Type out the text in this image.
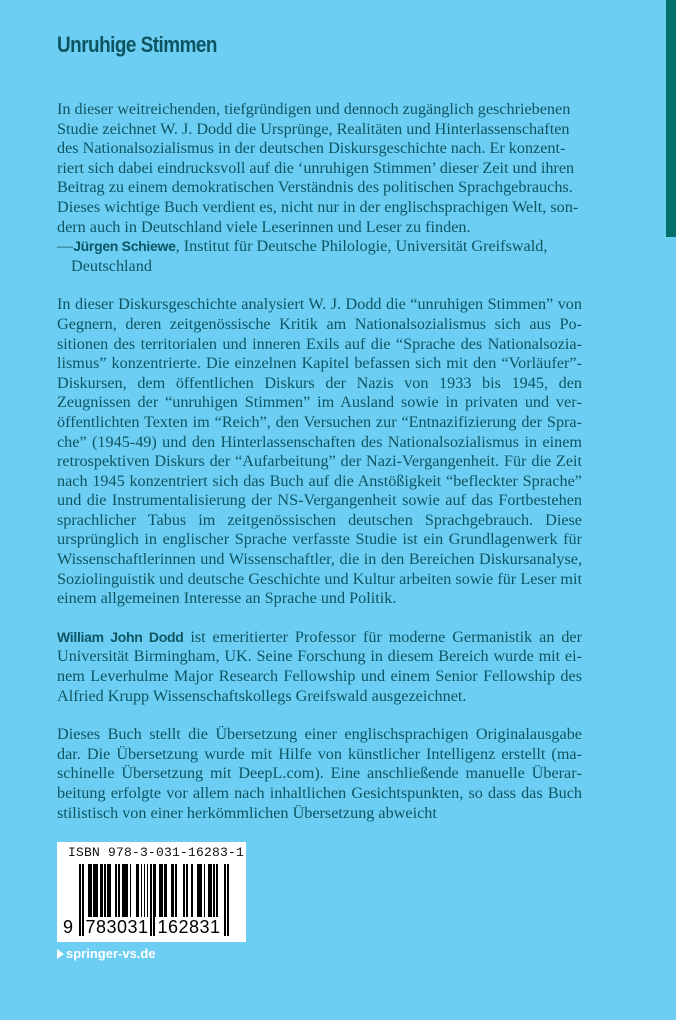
Unruhige Stimmen

In dieser weitreichenden, tiefgründigen und dennoch zugänglich geschriebenen Studie zeichnet W. J. Dodd die Ursprünge, Realitäten und Hinterlassenschaften des Nationalsozialismus in der deutschen Diskursgeschichte nach. Er konzentriert sich dabei eindrucksvoll auf die ‘unruhigen Stimmen’ dieser Zeit und ihren Beitrag zu einem demokratischen Verständnis des politischen Sprachgebrauchs. Dieses wichtige Buch verdient es, nicht nur in der englischsprachigen Welt, sondern auch in Deutschland viele Leserinnen und Leser zu finden.

—Jürgen Schiewe, Institut für Deutsche Philologie, Universität Greifswald, Deutschland

In dieser Diskursgeschichte analysiert W. J. Dodd die “unruhigen Stimmen” von Gegnern, deren zeitgenössische Kritik am Nationalsozialismus sich aus Positionen des territorialen und inneren Exils auf die “Sprache des Nationalsozialismus” konzentrierte. Die einzelnen Kapitel befassen sich mit den “Vorläufer”-Diskursen, dem öffentlichen Diskurs der Nazis von 1933 bis 1945, den Zeugnissen der “unruhigen Stimmen” im Ausland sowie in privaten und veröffentlichten Texten im “Reich”, den Versuchen zur “Entnazifizierung der Sprache” (1945-49) und den Hinterlassenschaften des Nationalsozialismus in einem retrospektiven Diskurs der “Aufarbeitung” der Nazi-Vergangenheit. Für die Zeit nach 1945 konzentriert sich das Buch auf die Anstößigkeit “befleckter Sprache” und die Instrumentalisierung der NS-Vergangenheit sowie auf das Fortbestehen sprachlicher Tabus im zeitgenössischen deutschen Sprachgebrauch. Diese ursprünglich in englischer Sprache verfasste Studie ist ein Grundlagenwerk für Wissenschaftlerinnen und Wissenschaftler, die in den Bereichen Diskursanalyse, Soziolinguistik und deutsche Geschichte und Kultur arbeiten sowie für Leser mit einem allgemeinen Interesse an Sprache und Politik.

William John Dodd ist emeritierter Professor für moderne Germanistik an der Universität Birmingham, UK. Seine Forschung in diesem Bereich wurde mit einem Leverhulme Major Research Fellowship und einem Senior Fellowship des Alfried Krupp Wissenschaftskollegs Greifswald ausgezeichnet.

Dieses Buch stellt die Übersetzung einer englischsprachigen Originalausgabe dar. Die Übersetzung wurde mit Hilfe von künstlicher Intelligenz erstellt (maschinelle Übersetzung mit DeepL.com). Eine anschließende manuelle Überarbeitung erfolgte vor allem nach inhaltlichen Gesichtspunkten, so dass das Buch stilistisch von einer herkömmlichen Übersetzung abweicht

ISBN 978-3-031-16283-1
9 783031 162831
springer-vs.de
